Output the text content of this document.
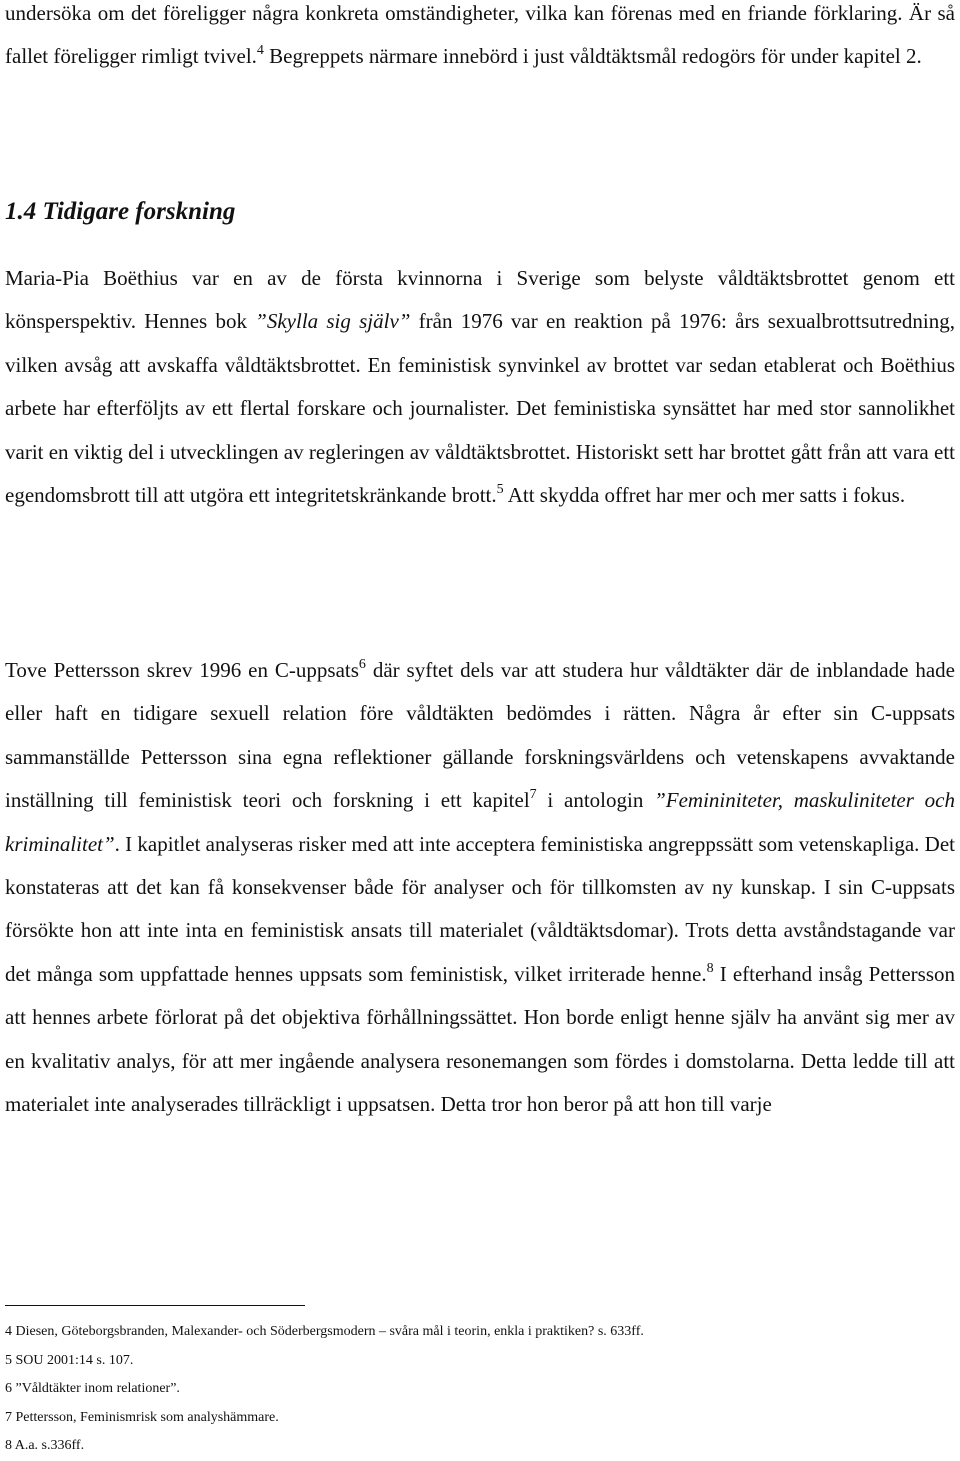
undersöka om det föreligger några konkreta omständigheter, vilka kan förenas med en friande förklaring. Är så fallet föreligger rimligt tvivel.$^4$ Begreppets närmare innebörd i just våldtäktsmål redogörs för under kapitel 2.

1.4 Tidigare forskning

Maria-Pia Boëthius var en av de första kvinnorna i Sverige som belyste våldtäktsbrottet genom ett könsperspektiv. Hennes bok ”Skylla sig själv” från 1976 var en reaktion på 1976: års sexualbrottsutredning, vilken avsåg att avskaffa våldtäktsbrottet. En feministisk synvinkel av brottet var sedan etablerat och Boëthius arbete har efterföljts av ett flertal forskare och journalister. Det feministiska synsättet har med stor sannolikhet varit en viktig del i utvecklingen av regleringen av våldtäktsbrottet. Historiskt sett har brottet gått från att vara ett egendomsbrott till att utgöra ett integritetskränkande brott.$^5$ Att skydda offret har mer och mer satts i fokus.

Tove Pettersson skrev 1996 en C-uppsats$^6$ där syftet dels var att studera hur våldtäkter där de inblandade hade eller haft en tidigare sexuell relation före våldtäkten bedömdes i rätten. Några år efter sin C-uppsats sammanställde Pettersson sina egna reflektioner gällande forskningsvärldens och vetenskapens avvaktande inställning till feministisk teori och forskning i ett kapitel$^7$ i antologin ”Femininiteter, maskuliniteter och kriminalitet”. I kapitlet analyseras risker med att inte acceptera feministiska angreppssätt som vetenskapliga. Det konstateras att det kan få konsekvenser både för analyser och för tillkomsten av ny kunskap. I sin C-uppsats försökte hon att inte inta en feministisk ansats till materialet (våldtäktsdomar). Trots detta avståndstagande var det många som uppfattade hennes uppsats som feministisk, vilket irriterade henne.$^8$ I efterhand insåg Pettersson att hennes arbete förlorat på det objektiva förhållningssättet. Hon borde enligt henne själv ha använt sig mer av en kvalitativ analys, för att mer ingående analysera resonemangen som fördes i domstolarna. Detta ledde till att materialet inte analyserades tillräckligt i uppsatsen. Detta tror hon beror på att hon till varje

4 Diesen, Göteborgsbranden, Malexander- och Söderbergsmodern – svåra mål i teorin, enkla i praktiken? s. 633ff.
5 SOU 2001:14 s. 107.
6 ”Våldtäkter inom relationer”.
7 Pettersson, Feminismrisk som analyshämmare.
8 A.a. s.336ff.
